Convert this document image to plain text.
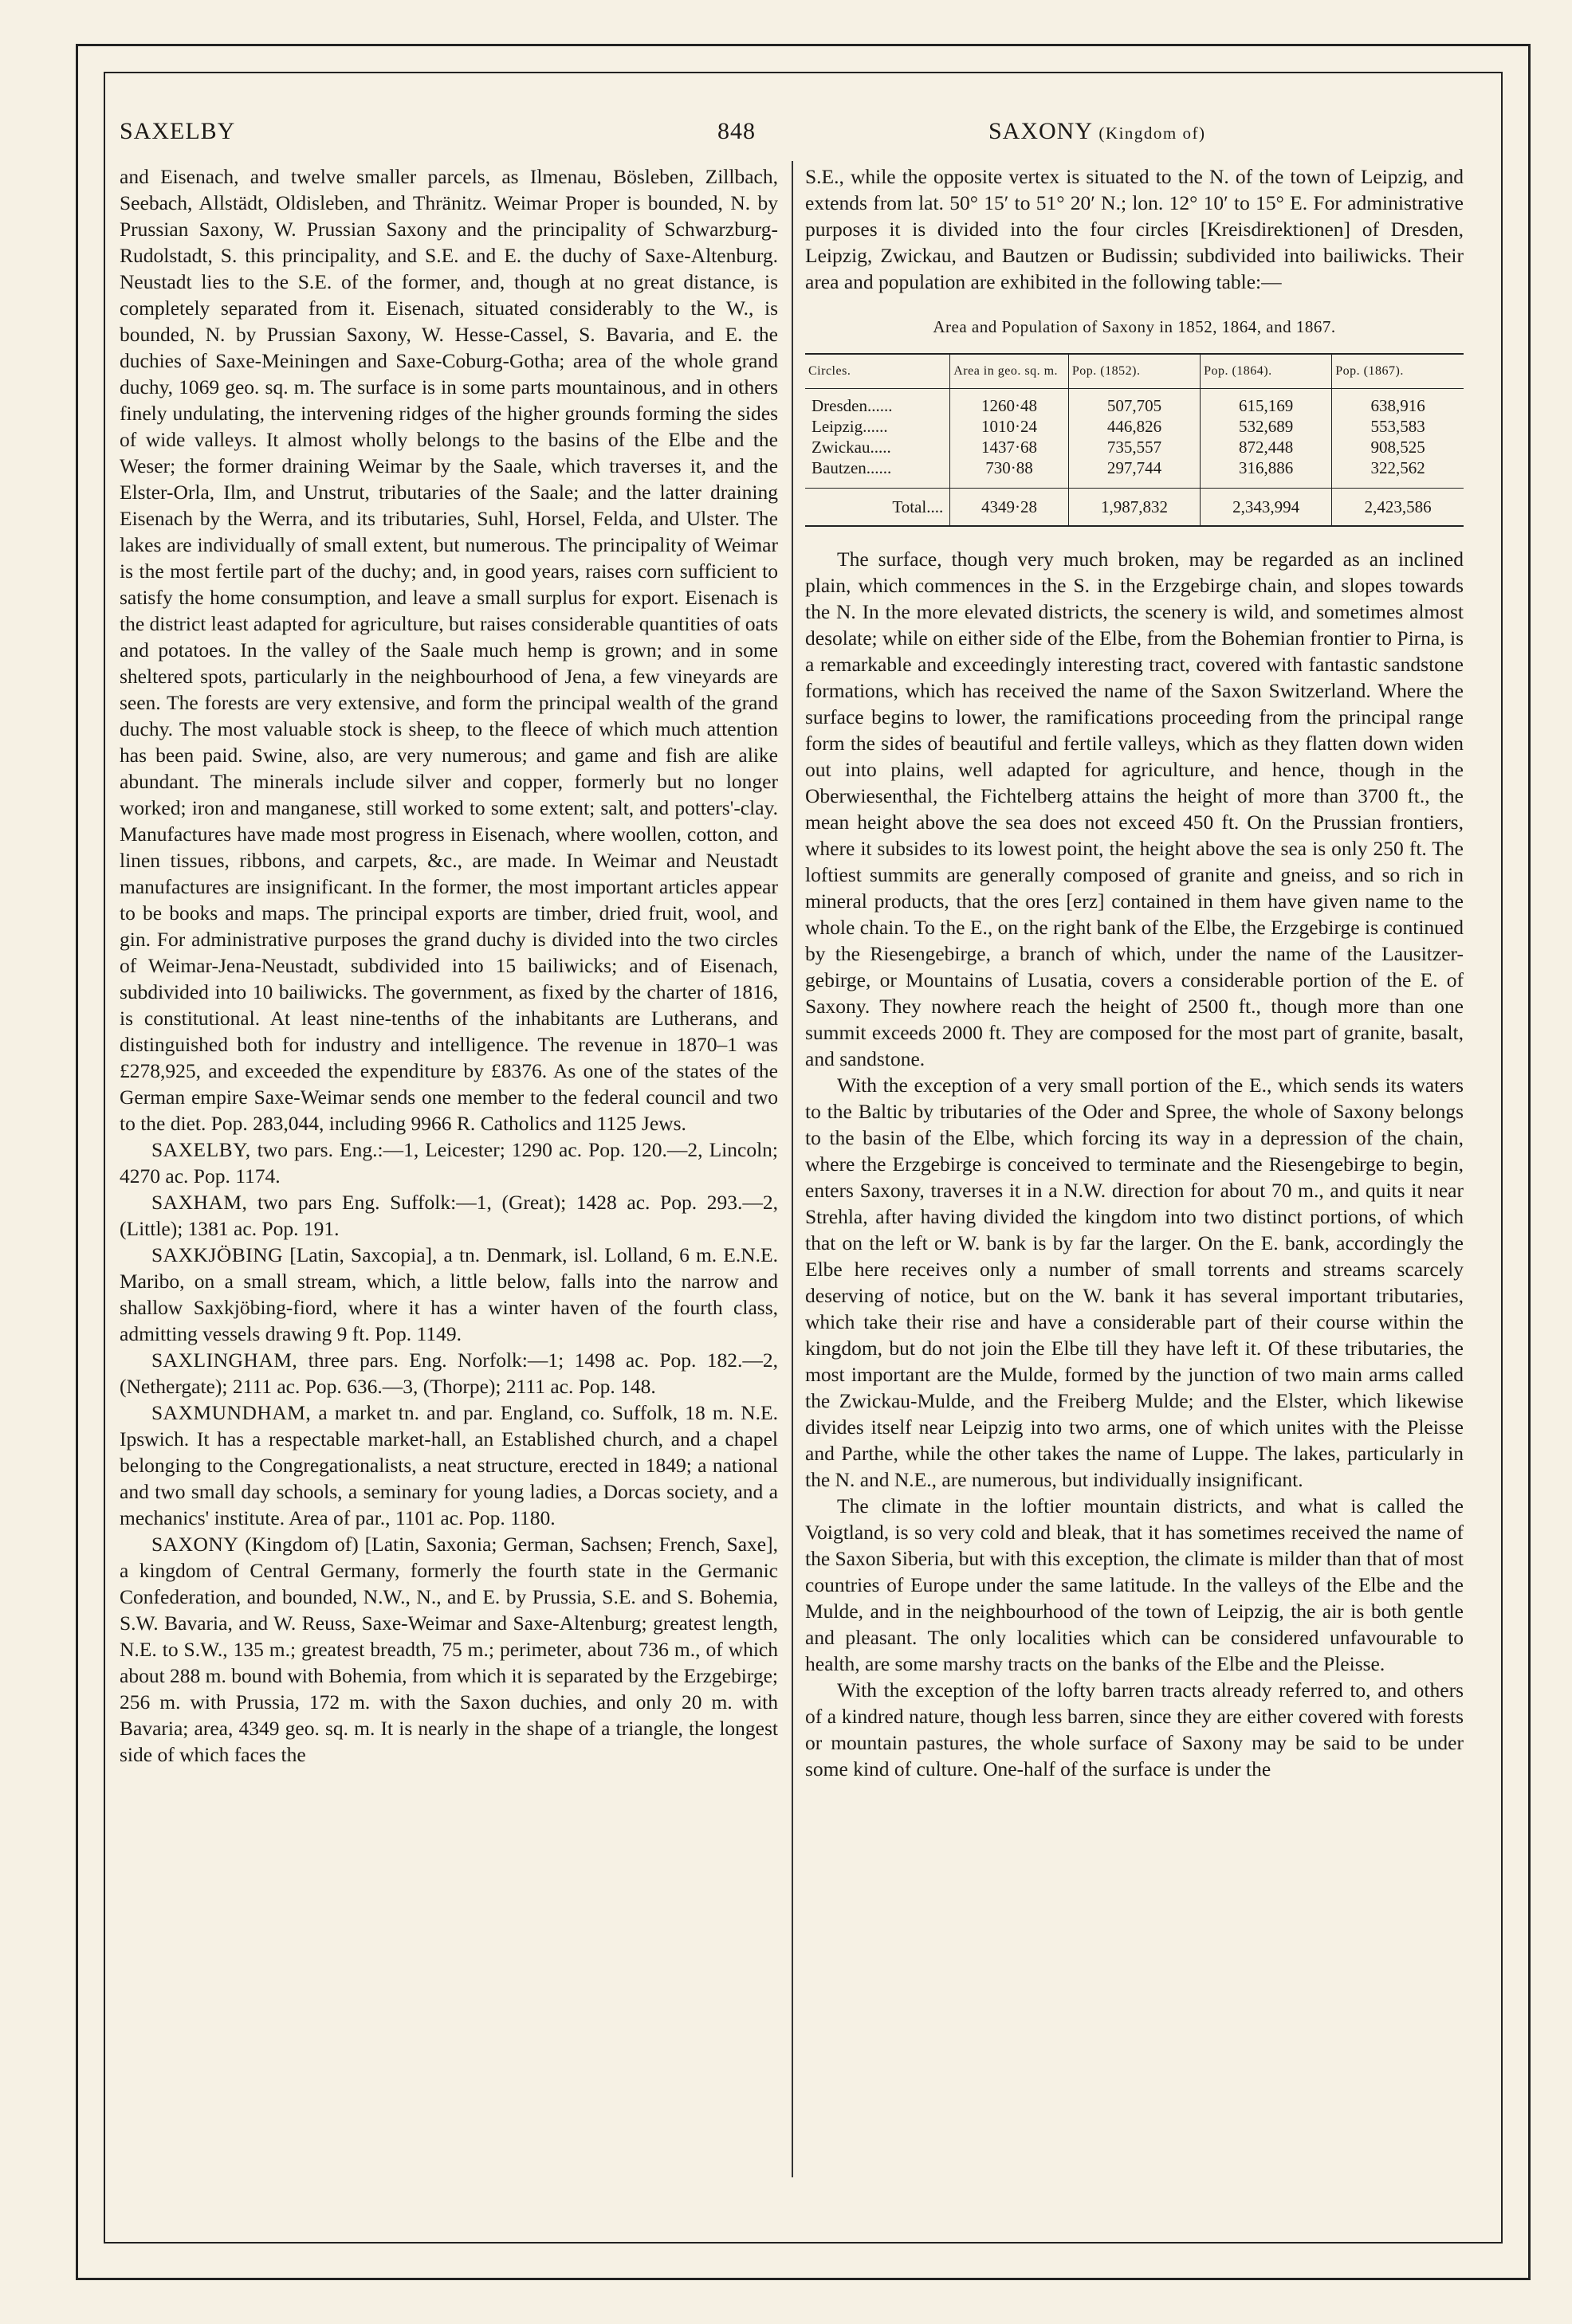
SAXELBY	848	SAXONY (Kingdom of)

and Eisenach, and twelve smaller parcels, as Ilmenau, Bösleben, Zillbach, Seebach, Allstädt, Oldisleben, and Thränitz. Weimar Proper is bounded, N. by Prussian Saxony, W. Prussian Saxony and the principality of Schwarzburg-Rudolstadt, S. this principality, and S.E. and E. the duchy of Saxe-Altenburg. Neustadt lies to the S.E. of the former, and, though at no great distance, is completely separated from it. Eisenach, situated considerably to the W., is bounded, N. by Prussian Saxony, W. Hesse-Cassel, S. Bavaria, and E. the duchies of Saxe-Meiningen and Saxe-Coburg-Gotha; area of the whole grand duchy, 1069 geo. sq. m. The surface is in some parts mountainous, and in others finely undulating, the intervening ridges of the higher grounds forming the sides of wide valleys. It almost wholly belongs to the basins of the Elbe and the Weser; the former draining Weimar by the Saale, which traverses it, and the Elster-Orla, Ilm, and Unstrut, tributaries of the Saale; and the latter draining Eisenach by the Werra, and its tributaries, Suhl, Horsel, Felda, and Ulster. The lakes are individually of small extent, but numerous. The principality of Weimar is the most fertile part of the duchy; and, in good years, raises corn sufficient to satisfy the home consumption, and leave a small surplus for export. Eisenach is the district least adapted for agriculture, but raises considerable quantities of oats and potatoes. In the valley of the Saale much hemp is grown; and in some sheltered spots, particularly in the neighbourhood of Jena, a few vineyards are seen. The forests are very extensive, and form the principal wealth of the grand duchy. The most valuable stock is sheep, to the fleece of which much attention has been paid. Swine, also, are very numerous; and game and fish are alike abundant. The minerals include silver and copper, formerly but no longer worked; iron and manganese, still worked to some extent; salt, and potters'-clay. Manufactures have made most progress in Eisenach, where woollen, cotton, and linen tissues, ribbons, and carpets, &c., are made. In Weimar and Neustadt manufactures are insignificant. In the former, the most important articles appear to be books and maps. The principal exports are timber, dried fruit, wool, and gin. For administrative purposes the grand duchy is divided into the two circles of Weimar-Jena-Neustadt, subdivided into 15 bailiwicks; and of Eisenach, subdivided into 10 bailiwicks. The government, as fixed by the charter of 1816, is constitutional. At least nine-tenths of the inhabitants are Lutherans, and distinguished both for industry and intelligence. The revenue in 1870–1 was £278,925, and exceeded the expenditure by £8376. As one of the states of the German empire Saxe-Weimar sends one member to the federal council and two to the diet. Pop. 283,044, including 9966 R. Catholics and 1125 Jews.

SAXELBY, two pars. Eng.:—1, Leicester; 1290 ac. Pop. 120.—2, Lincoln; 4270 ac. Pop. 1174.

SAXHAM, two pars Eng. Suffolk:—1, (Great); 1428 ac. Pop. 293.—2, (Little); 1381 ac. Pop. 191.

SAXKJÖBING [Latin, Saxcopia], a tn. Denmark, isl. Lolland, 6 m. E.N.E. Maribo, on a small stream, which, a little below, falls into the narrow and shallow Saxkjöbing-fiord, where it has a winter haven of the fourth class, admitting vessels drawing 9 ft. Pop. 1149.

SAXLINGHAM, three pars. Eng. Norfolk:—1; 1498 ac. Pop. 182.—2, (Nethergate); 2111 ac. Pop. 636.—3, (Thorpe); 2111 ac. Pop. 148.

SAXMUNDHAM, a market tn. and par. England, co. Suffolk, 18 m. N.E. Ipswich. It has a respectable market-hall, an Established church, and a chapel belonging to the Congregationalists, a neat structure, erected in 1849; a national and two small day schools, a seminary for young ladies, a Dorcas society, and a mechanics' institute. Area of par., 1101 ac. Pop. 1180.

SAXONY (Kingdom of) [Latin, Saxonia; German, Sachsen; French, Saxe], a kingdom of Central Germany, formerly the fourth state in the Germanic Confederation, and bounded, N.W., N., and E. by Prussia, S.E. and S. Bohemia, S.W. Bavaria, and W. Reuss, Saxe-Weimar and Saxe-Altenburg; greatest length, N.E. to S.W., 135 m.; greatest breadth, 75 m.; perimeter, about 736 m., of which about 288 m. bound with Bohemia, from which it is separated by the Erzgebirge; 256 m. with Prussia, 172 m. with the Saxon duchies, and only 20 m. with Bavaria; area, 4349 geo. sq. m. It is nearly in the shape of a triangle, the longest side of which faces the

S.E., while the opposite vertex is situated to the N. of the town of Leipzig, and extends from lat. 50° 15′ to 51° 20′ N.; lon. 12° 10′ to 15° E. For administrative purposes it is divided into the four circles [Kreisdirektionen] of Dresden, Leipzig, Zwickau, and Bautzen or Budissin; subdivided into bailiwicks. Their area and population are exhibited in the following table:—

Area and Population of Saxony in 1852, 1864, and 1867.

Circles.	Area in geo. sq. m.	Pop. (1852).	Pop. (1864).	Pop. (1867).
Dresden......	1260·48	507,705	615,169	638,916
Leipzig......	1010·24	446,826	532,689	553,583
Zwickau.....	1437·68	735,557	872,448	908,525
Bautzen......	730·88	297,744	316,886	322,562
Total....	4349·28	1,987,832	2,343,994	2,423,586

The surface, though very much broken, may be regarded as an inclined plain, which commences in the S. in the Erzgebirge chain, and slopes towards the N. In the more elevated districts, the scenery is wild, and sometimes almost desolate; while on either side of the Elbe, from the Bohemian frontier to Pirna, is a remarkable and exceedingly interesting tract, covered with fantastic sandstone formations, which has received the name of the Saxon Switzerland. Where the surface begins to lower, the ramifications proceeding from the principal range form the sides of beautiful and fertile valleys, which as they flatten down widen out into plains, well adapted for agriculture, and hence, though in the Oberwiesenthal, the Fichtelberg attains the height of more than 3700 ft., the mean height above the sea does not exceed 450 ft. On the Prussian frontiers, where it subsides to its lowest point, the height above the sea is only 250 ft. The loftiest summits are generally composed of granite and gneiss, and so rich in mineral products, that the ores [erz] contained in them have given name to the whole chain. To the E., on the right bank of the Elbe, the Erzgebirge is continued by the Riesengebirge, a branch of which, under the name of the Lausitzer-gebirge, or Mountains of Lusatia, covers a considerable portion of the E. of Saxony. They nowhere reach the height of 2500 ft., though more than one summit exceeds 2000 ft. They are composed for the most part of granite, basalt, and sandstone.

With the exception of a very small portion of the E., which sends its waters to the Baltic by tributaries of the Oder and Spree, the whole of Saxony belongs to the basin of the Elbe, which forcing its way in a depression of the chain, where the Erzgebirge is conceived to terminate and the Riesengebirge to begin, enters Saxony, traverses it in a N.W. direction for about 70 m., and quits it near Strehla, after having divided the kingdom into two distinct portions, of which that on the left or W. bank is by far the larger. On the E. bank, accordingly the Elbe here receives only a number of small torrents and streams scarcely deserving of notice, but on the W. bank it has several important tributaries, which take their rise and have a considerable part of their course within the kingdom, but do not join the Elbe till they have left it. Of these tributaries, the most important are the Mulde, formed by the junction of two main arms called the Zwickau-Mulde, and the Freiberg Mulde; and the Elster, which likewise divides itself near Leipzig into two arms, one of which unites with the Pleisse and Parthe, while the other takes the name of Luppe. The lakes, particularly in the N. and N.E., are numerous, but individually insignificant.

The climate in the loftier mountain districts, and what is called the Voigtland, is so very cold and bleak, that it has sometimes received the name of the Saxon Siberia, but with this exception, the climate is milder than that of most countries of Europe under the same latitude. In the valleys of the Elbe and the Mulde, and in the neighbourhood of the town of Leipzig, the air is both gentle and pleasant. The only localities which can be considered unfavourable to health, are some marshy tracts on the banks of the Elbe and the Pleisse.

With the exception of the lofty barren tracts already referred to, and others of a kindred nature, though less barren, since they are either covered with forests or mountain pastures, the whole surface of Saxony may be said to be under some kind of culture. One-half of the surface is under the
